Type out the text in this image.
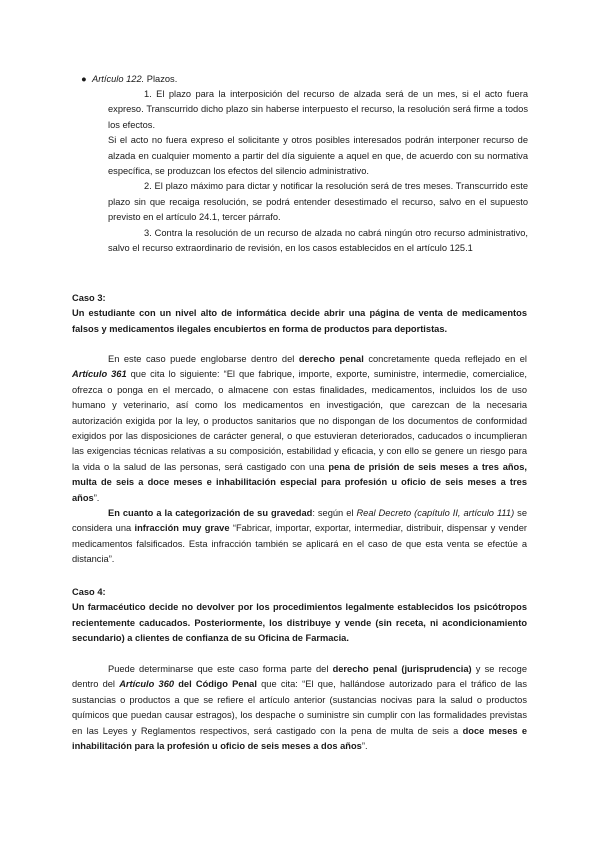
● Artículo 122. Plazos.

1. El plazo para la interposición del recurso de alzada será de un mes, si el acto fuera expreso. Transcurrido dicho plazo sin haberse interpuesto el recurso, la resolución será firme a todos los efectos.

Si el acto no fuera expreso el solicitante y otros posibles interesados podrán interponer recurso de alzada en cualquier momento a partir del día siguiente a aquel en que, de acuerdo con su normativa específica, se produzcan los efectos del silencio administrativo.

2. El plazo máximo para dictar y notificar la resolución será de tres meses. Transcurrido este plazo sin que recaiga resolución, se podrá entender desestimado el recurso, salvo en el supuesto previsto en el artículo 24.1, tercer párrafo.

3. Contra la resolución de un recurso de alzada no cabrá ningún otro recurso administrativo, salvo el recurso extraordinario de revisión, en los casos establecidos en el artículo 125.1

Caso 3:

Un estudiante con un nivel alto de informática decide abrir una página de venta de medicamentos falsos y medicamentos ilegales encubiertos en forma de productos para deportistas.

En este caso puede englobarse dentro del derecho penal concretamente queda reflejado en el Artículo 361 que cita lo siguiente: “El que fabrique, importe, exporte, suministre, intermedie, comercialice, ofrezca o ponga en el mercado, o almacene con estas finalidades, medicamentos, incluidos los de uso humano y veterinario, así como los medicamentos en investigación, que carezcan de la necesaria autorización exigida por la ley, o productos sanitarios que no dispongan de los documentos de conformidad exigidos por las disposiciones de carácter general, o que estuvieran deteriorados, caducados o incumplieran las exigencias técnicas relativas a su composición, estabilidad y eficacia, y con ello se genere un riesgo para la vida o la salud de las personas, será castigado con una pena de prisión de seis meses a tres años, multa de seis a doce meses e inhabilitación especial para profesión u oficio de seis meses a tres años”.

En cuanto a la categorización de su gravedad: según el Real Decreto (capítulo II, artículo 111) se considera una infracción muy grave “Fabricar, importar, exportar, intermediar, distribuir, dispensar y vender medicamentos falsificados. Esta infracción también se aplicará en el caso de que esta venta se efectúe a distancia”.

Caso 4:

Un farmacéutico decide no devolver por los procedimientos legalmente establecidos los psicótropos recientemente caducados. Posteriormente, los distribuye y vende (sin receta, ni acondicionamiento secundario) a clientes de confianza de su Oficina de Farmacia.

Puede determinarse que este caso forma parte del derecho penal (jurisprudencia) y se recoge dentro del Artículo 360 del Código Penal que cita: “El que, hallándose autorizado para el tráfico de las sustancias o productos a que se refiere el artículo anterior (sustancias nocivas para la salud o productos químicos que puedan causar estragos), los despache o suministre sin cumplir con las formalidades previstas en las Leyes y Reglamentos respectivos, será castigado con la pena de multa de seis a doce meses e inhabilitación para la profesión u oficio de seis meses a dos años”.
